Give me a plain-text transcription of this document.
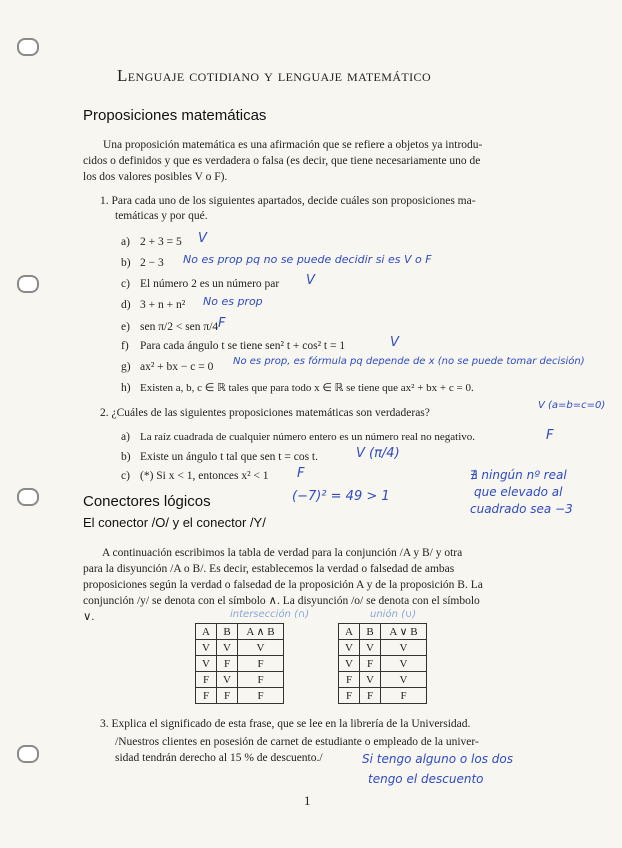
Lenguaje cotidiano y lenguaje matemático
Proposiciones matemáticas
Una proposición matemática es una afirmación que se refiere a objetos ya introdu-
cidos o definidos y que es verdadera o falsa (es decir, que tiene necesariamente uno de
los dos valores posibles V o F).
1. Para cada uno de los siguientes apartados, decide cuáles son proposiciones ma-
temáticas y por qué.
a) 2 + 3 = 5 V
b) 2 − 3 No es prop pq no se puede decidir si es V o F
c) El número 2 es un número par V
d) 3 + n + n² No es prop
e) sen π/2 < sen π/4 F
f) Para cada ángulo t se tiene sen² t + cos² t = 1	V
g) ax² + bx − c = 0 No es prop, es fórmula pq depende de x (no se puede tomar decisión)
h) Existen a, b, c ∈ ℝ tales que para todo x ∈ ℝ se tiene que ax² + bx + c = 0.
V (a=b=c=0)
2. ¿Cuáles de las siguientes proposiciones matemáticas son verdaderas?
a) La raíz cuadrada de cualquier número entero es un número real no negativo.	F
b) Existe un ángulo t tal que sen t = cos t.	V (π/4)
c) (*) Si x < 1, entonces x² < 1 F
(−7)² = 49 > 1
∄ ningún nº real
que elevado al
cuadrado sea −3
Conectores lógicos
El conector /O/ y el conector /Y/
A continuación escribimos la tabla de verdad para la conjunción /A y B/ y otra
para la disyunción /A o B/. Es decir, establecemos la verdad o falsedad de ambas
proposiciones según la verdad o falsedad de la proposición A y de la proposición B. La
conjunción /y/ se denota con el símbolo ∧. La disyunción /o/ se denota con el símbolo
∨.	intersección (∩)	unión (∪)
A	B	A ∧ B
V	V	V
V	F	F
F	V	F
F	F	F
A	B	A ∨ B
V	V	V
V	F	V
F	V	V
F	F	F
3. Explica el significado de esta frase, que se lee en la librería de la Universidad.
/Nuestros clientes en posesión de carnet de estudiante o empleado de la univer-
sidad tendrán derecho al 15 % de descuento./	Si tengo alguno o los dos
tengo el descuento
1
